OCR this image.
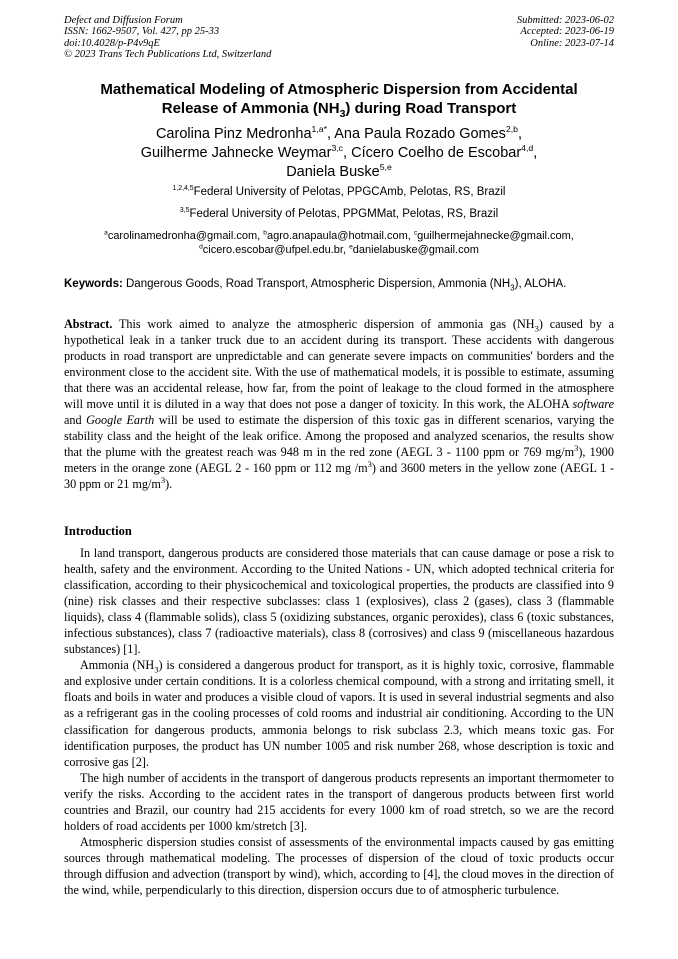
Defect and Diffusion Forum
ISSN: 1662-9507, Vol. 427, pp 25-33
doi:10.4028/p-P4v9qE
© 2023 Trans Tech Publications Ltd, Switzerland
Submitted: 2023-06-02
Accepted: 2023-06-19
Online: 2023-07-14
Mathematical Modeling of Atmospheric Dispersion from Accidental
Release of Ammonia $(NH_3)$ during Road Transport
Carolina Pinz Medronha$^{1,a*}$, Ana Paula Rozado Gomes$^{2,b}$,
Guilherme Jahnecke Weymar$^{3,c}$, Cícero Coelho de Escobar$^{4,d}$,
Daniela Buske$^{5,e}$
$^{1,2,4,5}$Federal University of Pelotas, PPGCAmb, Pelotas, RS, Brazil
$^{3,5}$Federal University of Pelotas, PPGMMat, Pelotas, RS, Brazil
$^a$carolinamedronha@gmail.com, $^b$agro.anapaula@hotmail.com, $^c$guilhermejahnecke@gmail.com,
$^d$cicero.escobar@ufpel.edu.br, $^e$danielabuske@gmail.com
Keywords: Dangerous Goods, Road Transport, Atmospheric Dispersion, Ammonia $(NH_3)$, ALOHA.

Abstract. This work aimed to analyze the atmospheric dispersion of ammonia gas $(NH_3)$ caused by a hypothetical leak in a tanker truck due to an accident during its transport. These accidents with dangerous products in road transport are unpredictable and can generate severe impacts on communities' borders and the environment close to the accident site. With the use of mathematical models, it is possible to estimate, assuming that there was an accidental release, how far, from the point of leakage to the cloud formed in the atmosphere will move until it is diluted in a way that does not pose a danger of toxicity. In this work, the ALOHA software and Google Earth will be used to estimate the dispersion of this toxic gas in different scenarios, varying the stability class and the height of the leak orifice. Among the proposed and analyzed scenarios, the results show that the plume with the greatest reach was 948 m in the red zone (AEGL 3 - 1100 ppm or 769 $mg/m^3$), 1900 meters in the orange zone (AEGL 2 - 160 ppm or 112 mg $/m^3$) and 3600 meters in the yellow zone (AEGL 1 - 30 ppm or 21 $mg/m^3$).

Introduction

In land transport, dangerous products are considered those materials that can cause damage or pose a risk to health, safety and the environment. According to the United Nations - UN, which adopted technical criteria for classification, according to their physicochemical and toxicological properties, the products are classified into 9 (nine) risk classes and their respective subclasses: class 1 (explosives), class 2 (gases), class 3 (flammable liquids), class 4 (flammable solids), class 5 (oxidizing substances, organic peroxides), class 6 (toxic substances, infectious substances), class 7 (radioactive materials), class 8 (corrosives) and class 9 (miscellaneous hazardous substances) [1].

Ammonia $(NH_3)$ is considered a dangerous product for transport, as it is highly toxic, corrosive, flammable and explosive under certain conditions. It is a colorless chemical compound, with a strong and irritating smell, it floats and boils in water and produces a visible cloud of vapors. It is used in several industrial segments and also as a refrigerant gas in the cooling processes of cold rooms and industrial air conditioning. According to the UN classification for dangerous products, ammonia belongs to risk subclass 2.3, which means toxic gas. For identification purposes, the product has UN number 1005 and risk number 268, whose description is toxic and corrosive gas [2].

The high number of accidents in the transport of dangerous products represents an important thermometer to verify the risks. According to the accident rates in the transport of dangerous products between first world countries and Brazil, our country had 215 accidents for every 1000 km of road stretch, so we are the record holders of road accidents per 1000 km/stretch [3].

Atmospheric dispersion studies consist of assessments of the environmental impacts caused by gas emitting sources through mathematical modeling. The processes of dispersion of the cloud of toxic products occur through diffusion and advection (transport by wind), which, according to [4], the cloud moves in the direction of the wind, while, perpendicularly to this direction, dispersion occurs due to of atmospheric turbulence.
